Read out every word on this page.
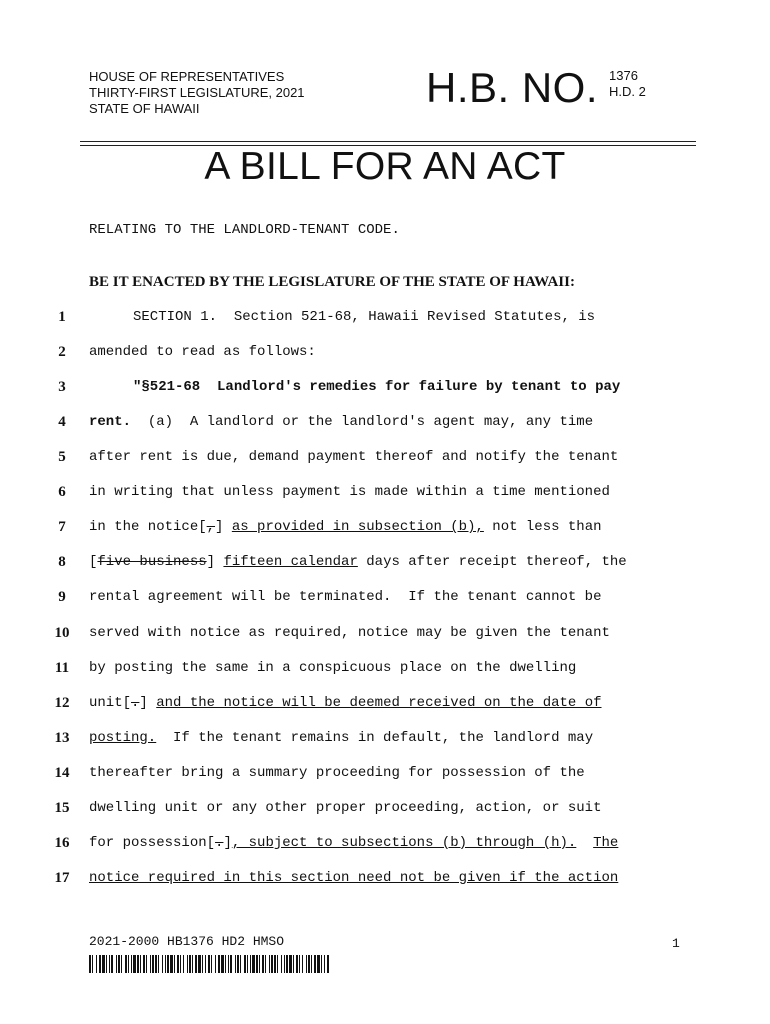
HOUSE OF REPRESENTATIVES
THIRTY-FIRST LEGISLATURE, 2021
STATE OF HAWAII	H.B. NO. 1376
H.D. 2
A BILL FOR AN ACT
RELATING TO THE LANDLORD-TENANT CODE.
BE IT ENACTED BY THE LEGISLATURE OF THE STATE OF HAWAII:
1	SECTION 1.  Section 521-68, Hawaii Revised Statutes, is
2	amended to read as follows:
3	"§521-68  Landlord's remedies for failure by tenant to pay
4	rent.  (a)  A landlord or the landlord's agent may, any time
5	after rent is due, demand payment thereof and notify the tenant
6	in writing that unless payment is made within a time mentioned
7	in the notice[,] as provided in subsection (b), not less than
8	[five business] fifteen calendar days after receipt thereof, the
9	rental agreement will be terminated.  If the tenant cannot be
10 served with notice as required, notice may be given the tenant
11 by posting the same in a conspicuous place on the dwelling
12 unit[.] and the notice will be deemed received on the date of
13 posting.  If the tenant remains in default, the landlord may
14 thereafter bring a summary proceeding for possession of the
15 dwelling unit or any other proper proceeding, action, or suit
16 for possession[.], subject to subsections (b) through (h). The
17 notice required in this section need not be given if the action
2021-2000 HB1376 HD2 HMSO	1
